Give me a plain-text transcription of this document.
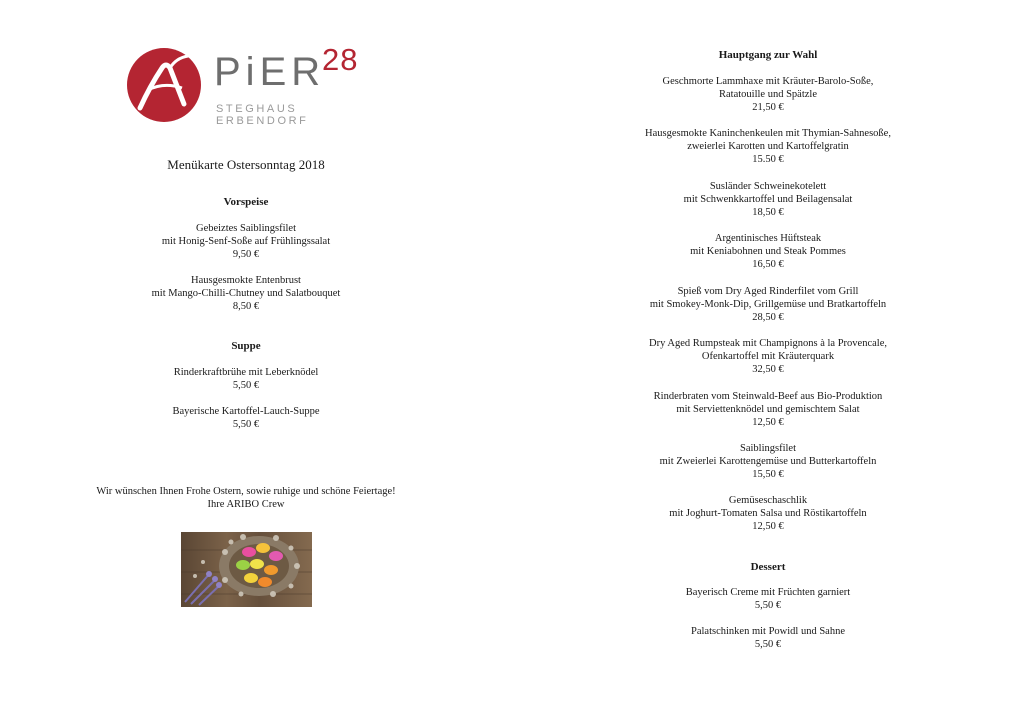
PiER
28
STEGHAUS ERBENDORF
Menükarte Ostersonntag 2018
Vorspeise
Gebeiztes Saiblingsfilet
mit Honig-Senf-Soße auf Frühlingssalat
9,50 €
Hausgesmokte Entenbrust
mit Mango-Chilli-Chutney und Salatbouquet
8,50 €
Suppe
Rinderkraftbrühe mit Leberknödel
5,50 €
Bayerische Kartoffel-Lauch-Suppe
5,50 €
Wir wünschen Ihnen Frohe Ostern, sowie ruhige und schöne Feiertage!
Ihre ARIBO Crew
Hauptgang zur Wahl
Geschmorte Lammhaxe mit Kräuter-Barolo-Soße,
Ratatouille und Spätzle
21,50 €
Hausgesmokte Kaninchenkeulen mit Thymian-Sahnesoße,
zweierlei Karotten und Kartoffelgratin
15.50 €
Susländer Schweinekotelett
mit Schwenkkartoffel und Beilagensalat
18,50 €
Argentinisches Hüftsteak
mit Keniabohnen und Steak Pommes
16,50 €
Spieß vom Dry Aged Rinderfilet vom Grill
mit Smokey-Monk-Dip, Grillgemüse und Bratkartoffeln
28,50 €
Dry Aged Rumpsteak mit Champignons à la Provencale,
Ofenkartoffel mit Kräuterquark
32,50 €
Rinderbraten vom Steinwald-Beef aus Bio-Produktion
mit Serviettenknödel und gemischtem Salat
12,50 €
Saiblingsfilet
mit Zweierlei Karottengemüse und Butterkartoffeln
15,50 €
Gemüseschaschlik
mit Joghurt-Tomaten Salsa und Röstikartoffeln
12,50 €
Dessert
Bayerisch Creme mit Früchten garniert
5,50 €
Palatschinken mit Powidl und Sahne
5,50 €
